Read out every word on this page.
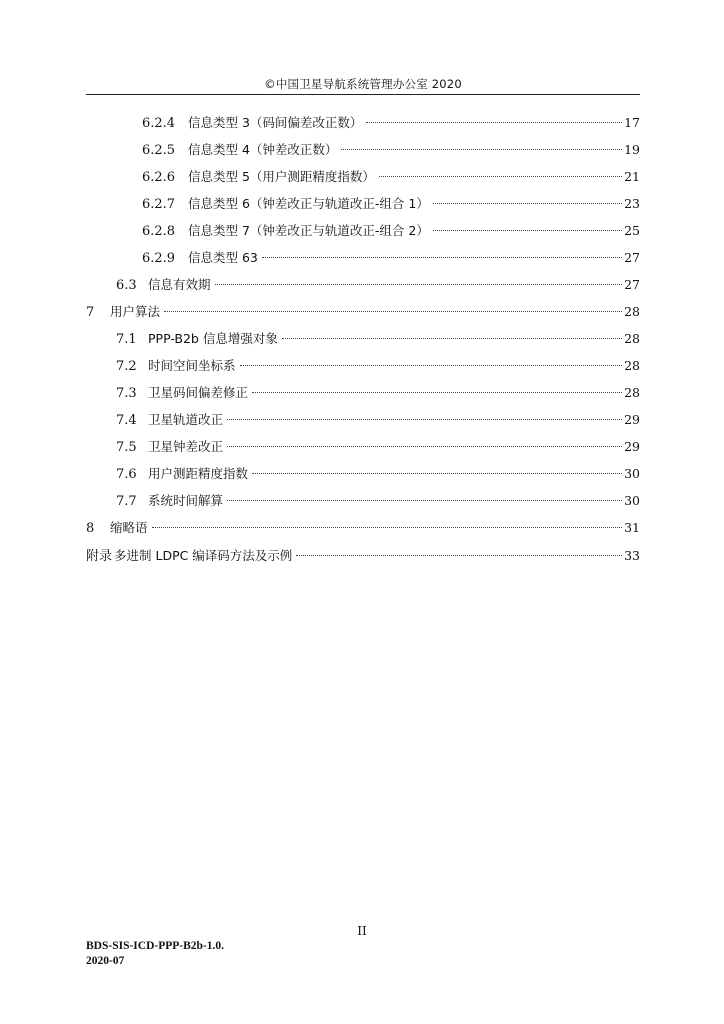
©中国卫星导航系统管理办公室 2020
6.2.4 信息类型 3（码间偏差改正数）	17
6.2.5 信息类型 4（钟差改正数）	19
6.2.6 信息类型 5（用户测距精度指数）	21
6.2.7 信息类型 6（钟差改正与轨道改正-组合 1）	23
6.2.8 信息类型 7（钟差改正与轨道改正-组合 2）	25
6.2.9 信息类型 63	27
6.3 信息有效期	27
7	用户算法	28
7.1 PPP-B2b 信息增强对象	28
7.2 时间空间坐标系	28
7.3 卫星码间偏差修正	28
7.4 卫星轨道改正	29
7.5 卫星钟差改正	29
7.6 用户测距精度指数	30
7.7 系统时间解算	30
8	缩略语	31
附录 多进制 LDPC 编译码方法及示例	33
II
BDS-SIS-ICD-PPP-B2b-1.0.
2020-07
